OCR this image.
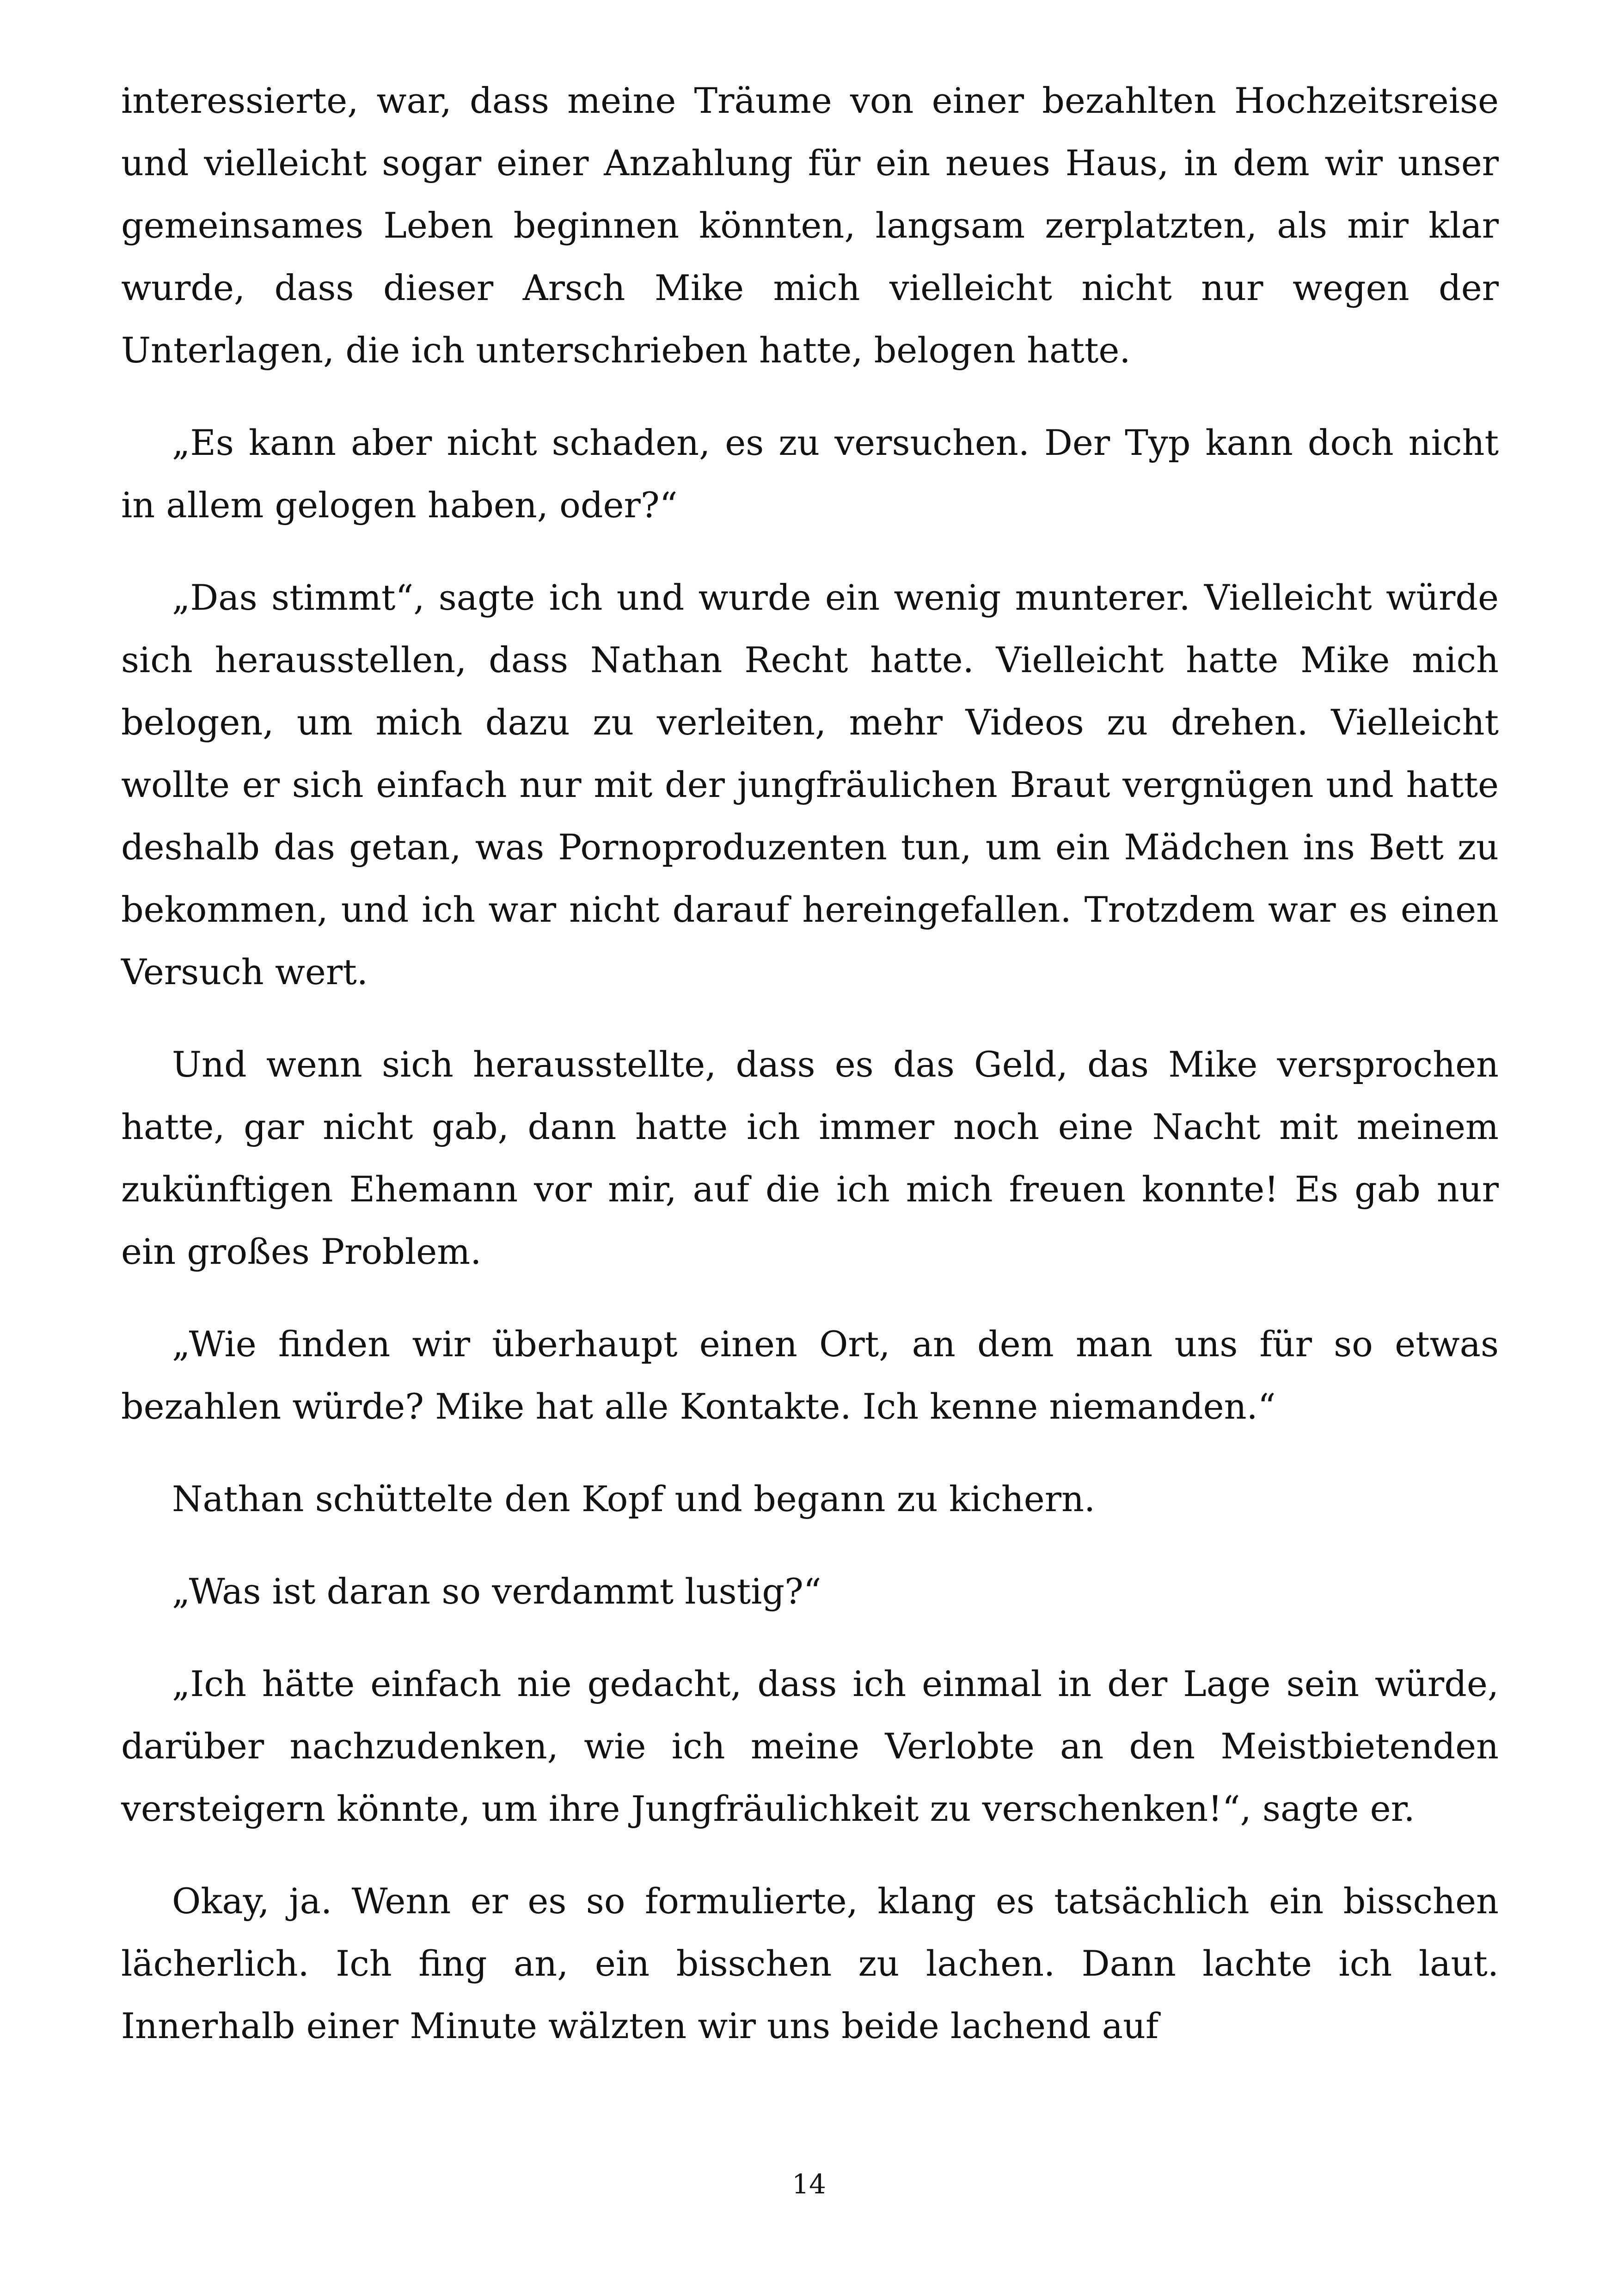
interessierte, war, dass meine Träume von einer bezahlten Hochzeitsreise und vielleicht sogar einer Anzahlung für ein neues Haus, in dem wir unser gemeinsames Leben beginnen könnten, langsam zerplatzten, als mir klar wurde, dass dieser Arsch Mike mich vielleicht nicht nur wegen der Unterlagen, die ich unterschrieben hatte, belogen hatte.

„Es kann aber nicht schaden, es zu versuchen. Der Typ kann doch nicht in allem gelogen haben, oder?“

„Das stimmt“, sagte ich und wurde ein wenig munterer. Vielleicht würde sich herausstellen, dass Nathan Recht hatte. Vielleicht hatte Mike mich belogen, um mich dazu zu verleiten, mehr Videos zu drehen. Vielleicht wollte er sich einfach nur mit der jungfräulichen Braut vergnügen und hatte deshalb das getan, was Pornoproduzenten tun, um ein Mädchen ins Bett zu bekommen, und ich war nicht darauf hereingefallen. Trotzdem war es einen Versuch wert.

Und wenn sich herausstellte, dass es das Geld, das Mike versprochen hatte, gar nicht gab, dann hatte ich immer noch eine Nacht mit meinem zukünftigen Ehemann vor mir, auf die ich mich freuen konnte! Es gab nur ein großes Problem.

„Wie finden wir überhaupt einen Ort, an dem man uns für so etwas bezahlen würde? Mike hat alle Kontakte. Ich kenne niemanden.“

Nathan schüttelte den Kopf und begann zu kichern.

„Was ist daran so verdammt lustig?“

„Ich hätte einfach nie gedacht, dass ich einmal in der Lage sein würde, darüber nachzudenken, wie ich meine Verlobte an den Meistbietenden versteigern könnte, um ihre Jungfräulichkeit zu verschenken!“, sagte er.

Okay, ja. Wenn er es so formulierte, klang es tatsächlich ein bisschen lächerlich. Ich fing an, ein bisschen zu lachen. Dann lachte ich laut. Innerhalb einer Minute wälzten wir uns beide lachend auf

14
